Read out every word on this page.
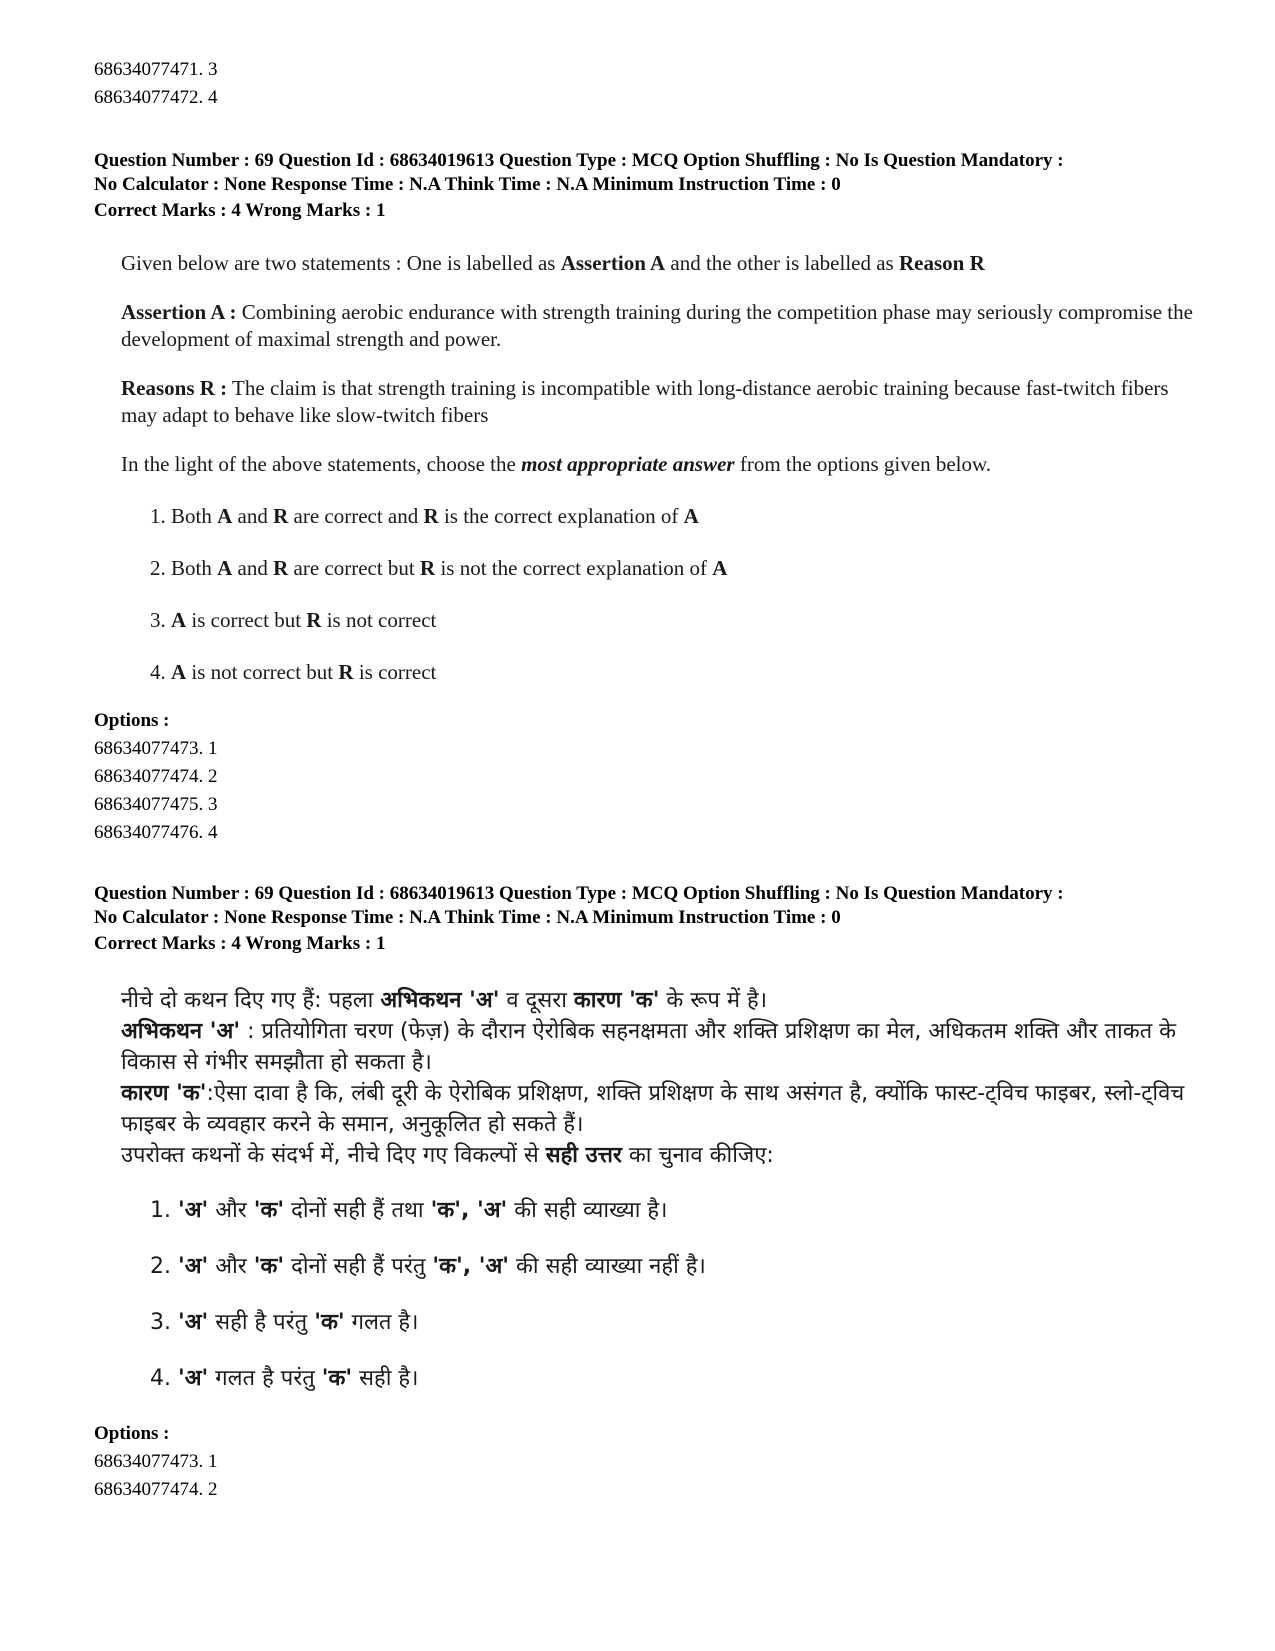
68634077471. 3
68634077472. 4

Question Number : 69 Question Id : 68634019613 Question Type : MCQ Option Shuffling : No Is Question Mandatory :

No Calculator : None Response Time : N.A Think Time : N.A Minimum Instruction Time : 0

Correct Marks : 4 Wrong Marks : 1

Given below are two statements : One is labelled as Assertion A and the other is labelled as Reason R

Assertion A : Combining aerobic endurance with strength training during the competition phase may seriously compromise the development of maximal strength and power.

Reasons R : The claim is that strength training is incompatible with long-distance aerobic training because fast-twitch fibers may adapt to behave like slow-twitch fibers

In the light of the above statements, choose the most appropriate answer from the options given below.

1. Both A and R are correct and R is the correct explanation of A
2. Both A and R are correct but R is not the correct explanation of A
3. A is correct but R is not correct
4. A is not correct but R is correct
Options :
68634077473. 1
68634077474. 2
68634077475. 3
68634077476. 4

Question Number : 69 Question Id : 68634019613 Question Type : MCQ Option Shuffling : No Is Question Mandatory :

No Calculator : None Response Time : N.A Think Time : N.A Minimum Instruction Time : 0

Correct Marks : 4 Wrong Marks : 1

नीचे दो कथन दिए गए हैं: पहला अभिकथन 'अ' व दूसरा कारण 'क' के रूप में है।

अभिकथन 'अ' : प्रतियोगिता चरण (फेज़) के दौरान ऐरोबिक सहनक्षमता और शक्ति प्रशिक्षण का मेल, अधिकतम शक्ति और ताकत के विकास से गंभीर समझौता हो सकता है।

कारण 'क':ऐसा दावा है कि, लंबी दूरी के ऐरोबिक प्रशिक्षण, शक्ति प्रशिक्षण के साथ असंगत है, क्योंकि फास्ट-ट्विच फाइबर, स्लो-ट्विच फाइबर के व्यवहार करने के समान, अनुकूलित हो सकते हैं।

उपरोक्त कथनों के संदर्भ में, नीचे दिए गए विकल्पों से सही उत्तर का चुनाव कीजिए:

1. 'अ' और 'क' दोनों सही हैं तथा 'क', 'अ' की सही व्याख्या है।
2. 'अ' और 'क' दोनों सही हैं परंतु 'क', 'अ' की सही व्याख्या नहीं है।
3. 'अ' सही है परंतु 'क' गलत है।
4. 'अ' गलत है परंतु 'क' सही है।
Options :
68634077473. 1
68634077474. 2
